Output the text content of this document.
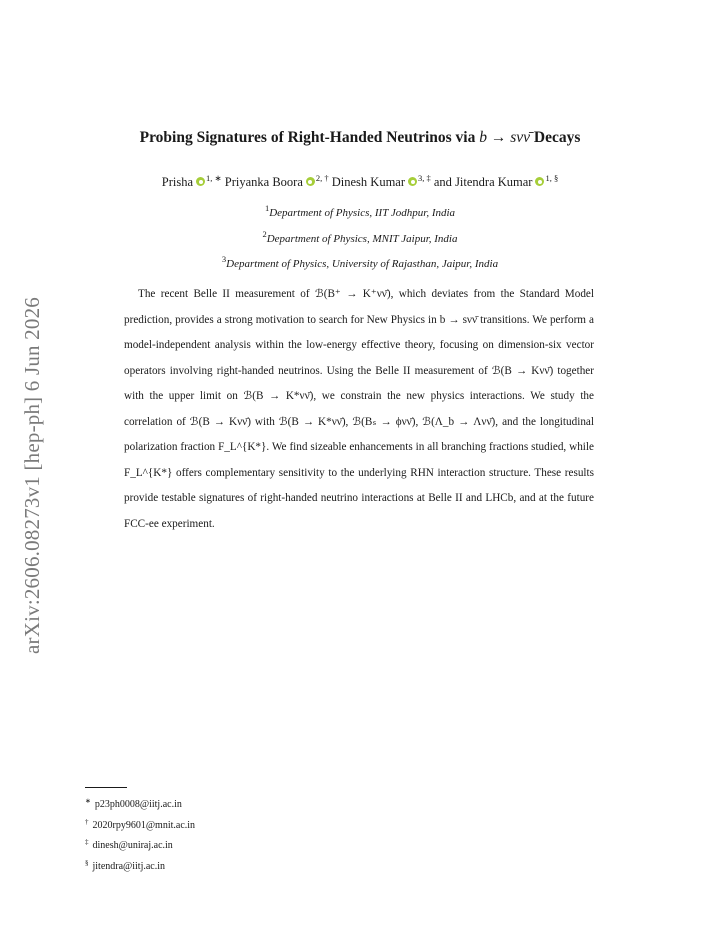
arXiv:2606.08273v1 [hep-ph] 6 Jun 2026
Probing Signatures of Right-Handed Neutrinos via b → sνν̄ Decays
Prisha $^{1, ∗}$ Priyanka Boora $^{2, \dagger}$ Dinesh Kumar $^{3, \ddagger}$ and Jitendra Kumar $^{1, \S}$
$^1$Department of Physics, IIT Jodhpur, India
$^2$Department of Physics, MNIT Jaipur, India
$^3$Department of Physics, University of Rajasthan, Jaipur, India
The recent Belle II measurement of ℬ(B⁺ → K⁺νν̄), which deviates from the Standard Model prediction, provides a strong motivation to search for New Physics in b → sνν̄ transitions. We perform a model-independent analysis within the low-energy effective theory, focusing on dimension-six vector operators involving right-handed neutrinos. Using the Belle II measurement of ℬ(B → Kνν̄) together with the upper limit on ℬ(B → K*νν̄), we constrain the new physics interactions. We study the correlation of ℬ(B → Kνν̄) with ℬ(B → K*νν̄), ℬ(Bₛ → ϕνν̄), ℬ(Λ_b → Λνν̄), and the longitudinal polarization fraction F_L^{K*}. We find sizeable enhancements in all branching fractions studied, while F_L^{K*} offers complementary sensitivity to the underlying RHN interaction structure. These results provide testable signatures of right-handed neutrino interactions at Belle II and LHCb, and at the future FCC-ee experiment.
∗ p23ph0008@iitj.ac.in
† 2020rpy9601@mnit.ac.in
‡ dinesh@uniraj.ac.in
§ jitendra@iitj.ac.in
